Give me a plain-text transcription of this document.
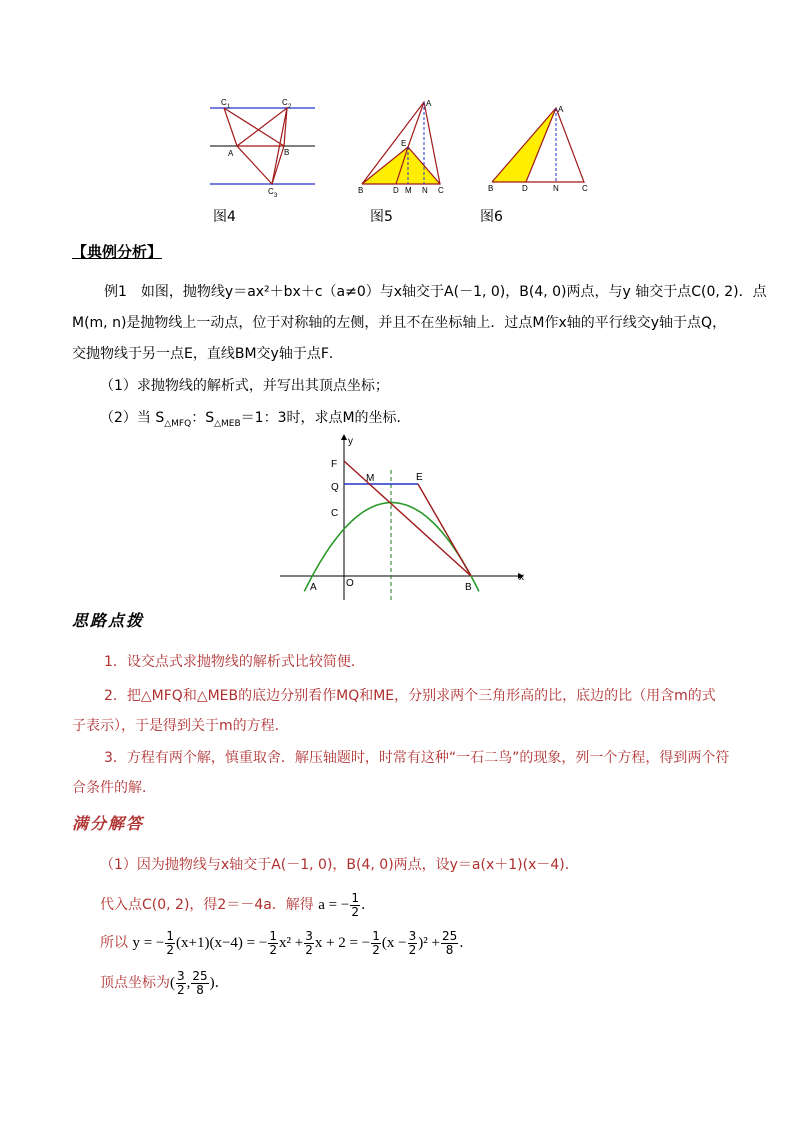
C 1	C 2
A	B
C 3
图4
A
E
B	D M N C
图5
A
B	D	N	C
图6
【典例分析】
例1　如图，抛物线y＝ax²＋bx＋c（a≠0）与x轴交于A(－1, 0)，B(4, 0)两点，与y 轴交于点C(0, 2)．点
M(m, n)是抛物线上一动点，位于对称轴的左侧，并且不在坐标轴上．过点M作x轴的平行线交y轴于点Q，
交抛物线于另一点E，直线BM交y轴于点F．
（1）求抛物线的解析式，并写出其顶点坐标；
（2）当 $S_{\triangle MFQ}$：$S_{\triangle MEB}=1$：3时，求点M的坐标．
y
x
F
M	E
Q
C
A	O	B
思路点拨
1．设交点式求抛物线的解析式比较简便．
2．把△MFQ和△MEB的底边分别看作MQ和ME，分别求两个三角形高的比，底边的比（用含m的式
子表示），于是得到关于m的方程．
3．方程有两个解，慎重取舍．解压轴题时，时常有这种“一石二鸟”的现象，列一个方程，得到两个符
合条件的解．
满分解答
（1）因为抛物线与x轴交于A(－1, 0)，B(4, 0)两点，设y＝a(x＋1)(x－4)．
代入点C(0, 2)，得2＝－4a．解得 a = − $\frac{1}{2}$ ．
所以 y = − $\frac{1}{2} (x+1)(x-4)$ = − $\frac{1}{2} x^2 + \frac{3}{2}$ x + 2 = − $\frac{1}{2} (x - \frac{3}{2} )^2 + \frac{25}{8}$ ．
顶点坐标为( $\frac{3}{2}$ , $\frac{25}{8}$ )．
